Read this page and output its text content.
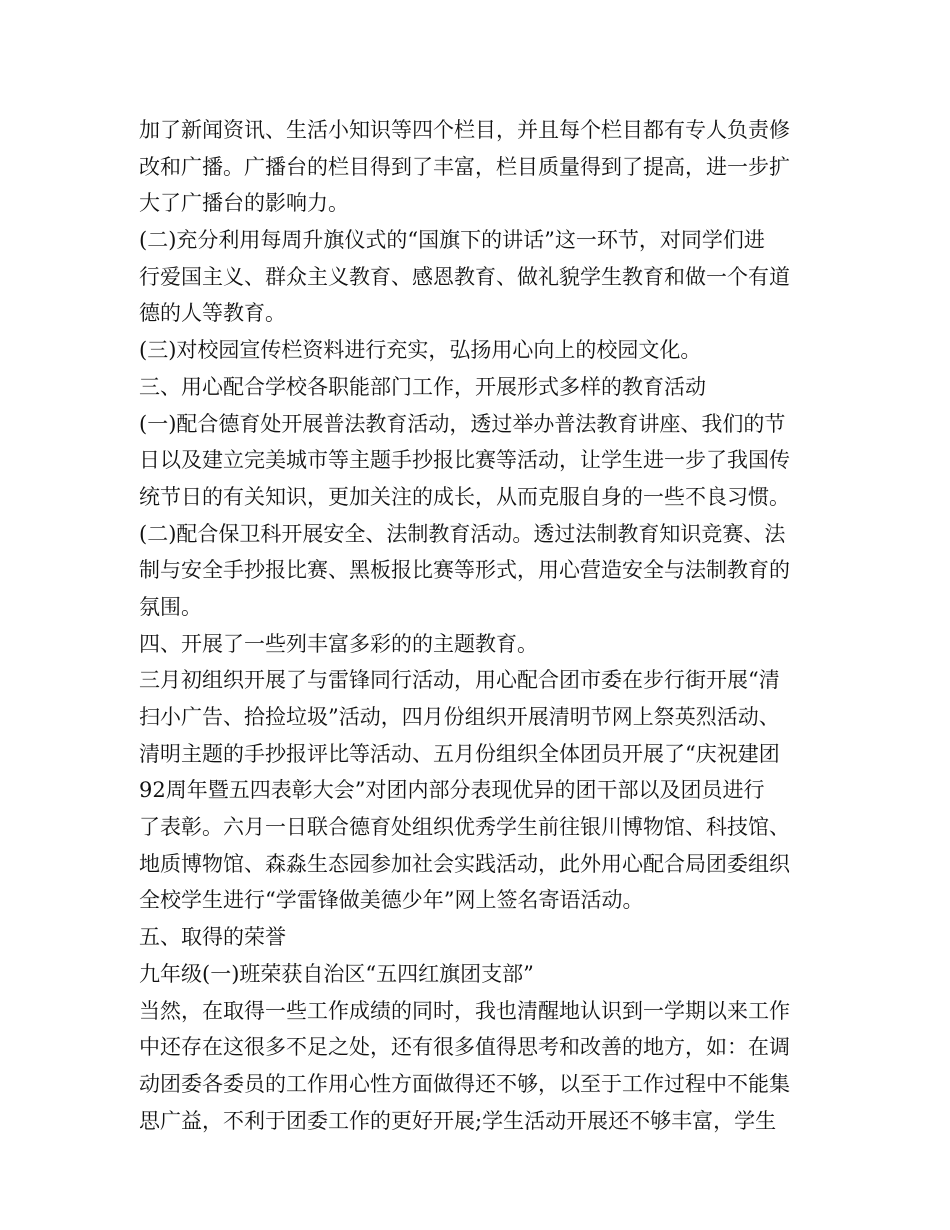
加了新闻资讯、生活小知识等四个栏目，并且每个栏目都有专人负责修
改和广播。广播台的栏目得到了丰富，栏目质量得到了提高，进一步扩
大了广播台的影响力。
(二)充分利用每周升旗仪式的“国旗下的讲话”这一环节，对同学们进
行爱国主义、群众主义教育、感恩教育、做礼貌学生教育和做一个有道
德的人等教育。
(三)对校园宣传栏资料进行充实，弘扬用心向上的校园文化。
三、用心配合学校各职能部门工作，开展形式多样的教育活动
(一)配合德育处开展普法教育活动，透过举办普法教育讲座、我们的节
日以及建立完美城市等主题手抄报比赛等活动，让学生进一步了我国传
统节日的有关知识，更加关注的成长，从而克服自身的一些不良习惯。
(二)配合保卫科开展安全、法制教育活动。透过法制教育知识竞赛、法
制与安全手抄报比赛、黑板报比赛等形式，用心营造安全与法制教育的
氛围。
四、开展了一些列丰富多彩的的主题教育。
三月初组织开展了与雷锋同行活动，用心配合团市委在步行街开展“清
扫小广告、拾捡垃圾”活动，四月份组织开展清明节网上祭英烈活动、
清明主题的手抄报评比等活动、五月份组织全体团员开展了“庆祝建团
92周年暨五四表彰大会”对团内部分表现优异的团干部以及团员进行
了表彰。六月一日联合德育处组织优秀学生前往银川博物馆、科技馆、
地质博物馆、森淼生态园参加社会实践活动，此外用心配合局团委组织
全校学生进行“学雷锋做美德少年”网上签名寄语活动。
五、取得的荣誉
九年级(一)班荣获自治区“五四红旗团支部”
当然，在取得一些工作成绩的同时，我也清醒地认识到一学期以来工作
中还存在这很多不足之处，还有很多值得思考和改善的地方，如：在调
动团委各委员的工作用心性方面做得还不够，以至于工作过程中不能集
思广益，不利于团委工作的更好开展;学生活动开展还不够丰富，学生
